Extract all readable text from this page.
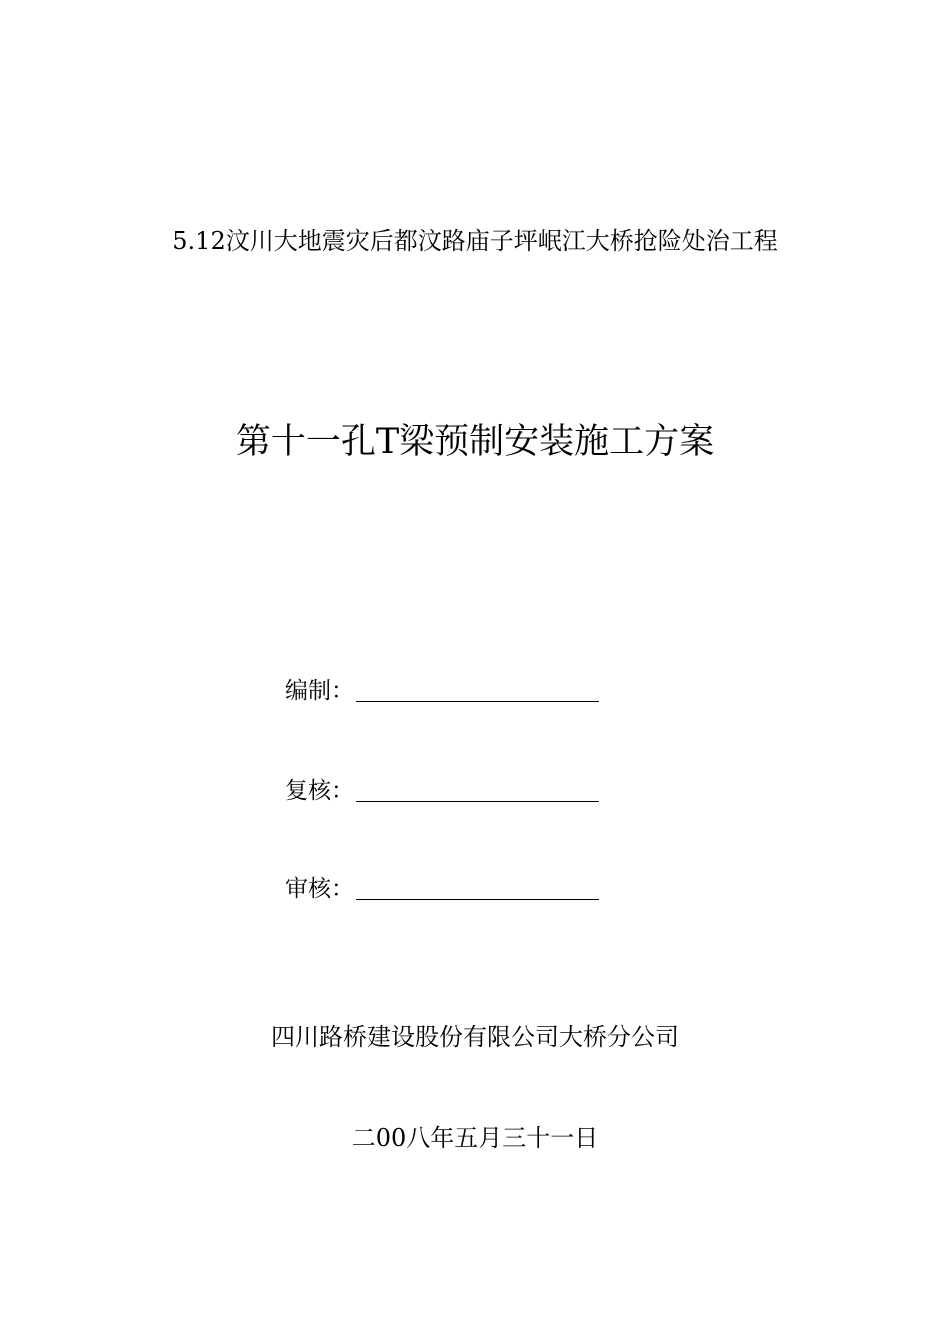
5.12汶川大地震灾后都汶路庙子坪岷江大桥抢险处治工程
第十一孔T梁预制安装施工方案
编制：
复核：
审核：
四川路桥建设股份有限公司大桥分公司
二00八年五月三十一日
